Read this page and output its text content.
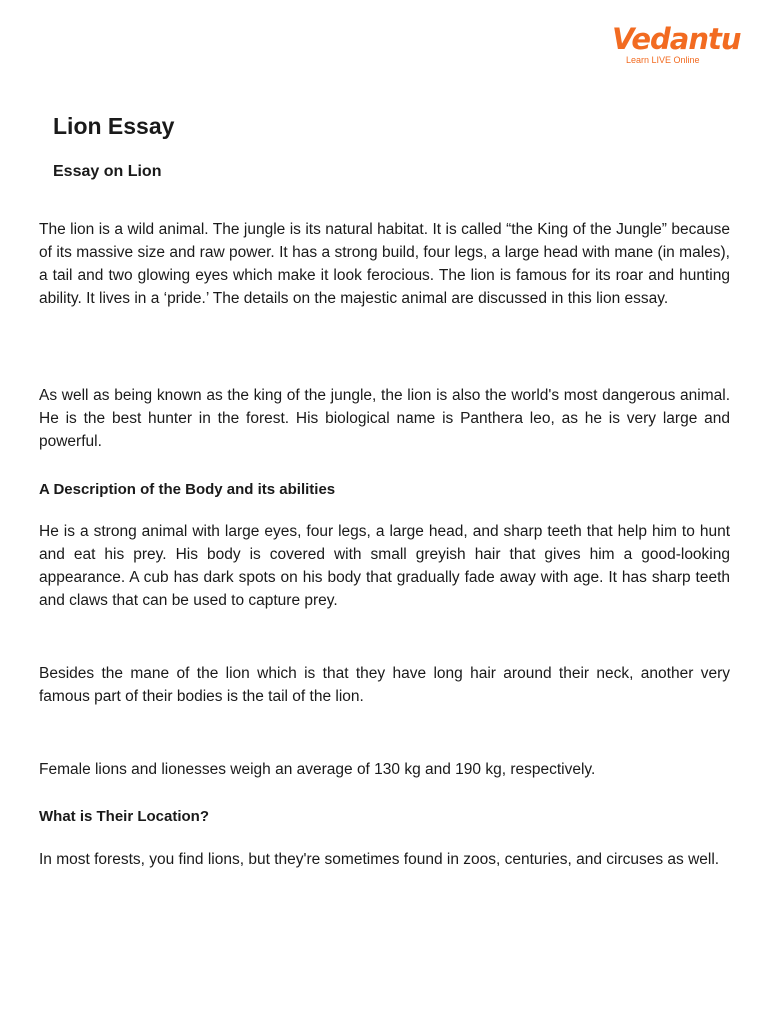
Vedantu
Learn LIVE Online
Lion Essay
Essay on Lion

The lion is a wild animal. The jungle is its natural habitat. It is called “the King of the Jungle” because of its massive size and raw power. It has a strong build, four legs, a large head with mane (in males), a tail and two glowing eyes which make it look ferocious. The lion is famous for its roar and hunting ability. It lives in a ‘pride.’ The details on the majestic animal are discussed in this lion essay.

As well as being known as the king of the jungle, the lion is also the world's most dangerous animal. He is the best hunter in the forest. His biological name is Panthera leo, as he is very large and powerful.

A Description of the Body and its abilities

He is a strong animal with large eyes, four legs, a large head, and sharp teeth that help him to hunt and eat his prey. His body is covered with small greyish hair that gives him a good-looking appearance. A cub has dark spots on his body that gradually fade away with age. It has sharp teeth and claws that can be used to capture prey.

Besides the mane of the lion which is that they have long hair around their neck, another very famous part of their bodies is the tail of the lion.

Female lions and lionesses weigh an average of 130 kg and 190 kg, respectively.

What is Their Location?

In most forests, you find lions, but they're sometimes found in zoos, centuries, and circuses as well.
